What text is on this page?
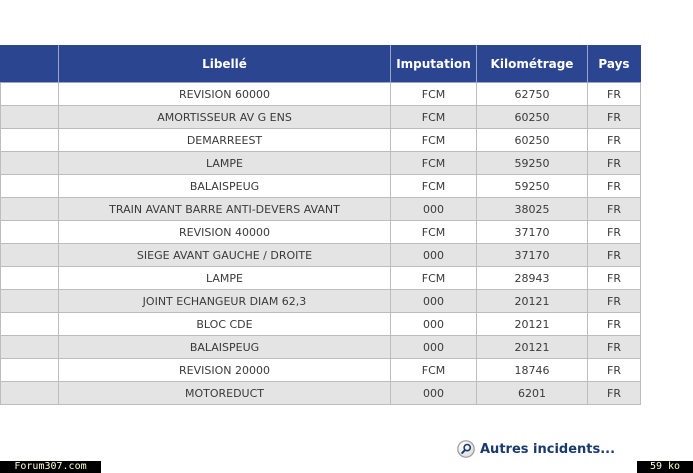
	Libellé	Imputation	Kilométrage	Pays
	REVISION 60000	FCM	62750	FR
	AMORTISSEUR AV G ENS	FCM	60250	FR
	DEMARREEST	FCM	60250	FR
	LAMPE	FCM	59250	FR
	BALAISPEUG	FCM	59250	FR
	TRAIN AVANT BARRE ANTI-DEVERS AVANT	000	38025	FR
	REVISION 40000	FCM	37170	FR
	SIEGE AVANT GAUCHE / DROITE	000	37170	FR
	LAMPE	FCM	28943	FR
	JOINT ECHANGEUR DIAM 62,3	000	20121	FR
	BLOC CDE	000	20121	FR
	BALAISPEUG	000	20121	FR
	REVISION 20000	FCM	18746	FR
	MOTOREDUCT	000	6201	FR
Autres incidents...
Forum307.com	59 ko
